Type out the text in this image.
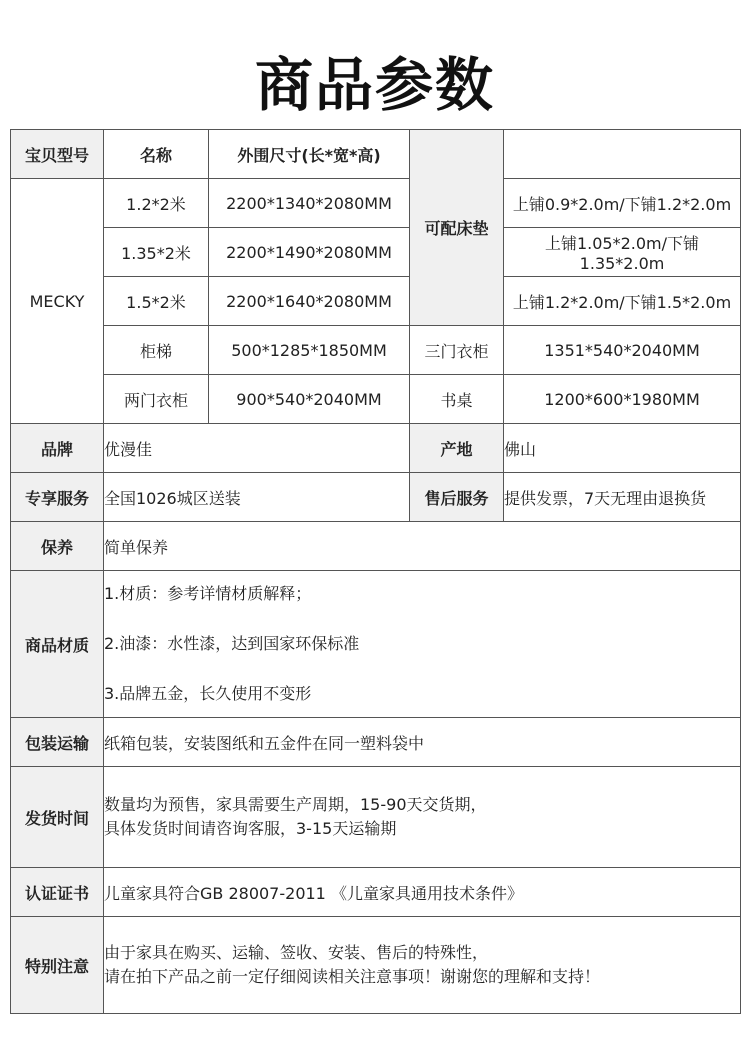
商品参数
宝贝型号	名称	外围尺寸(长*宽*高)	可配床垫	
MECKY	1.2*2米	2200*1340*2080MM		上铺0.9*2.0m/下铺1.2*2.0m
	1.35*2米	2200*1490*2080MM		上铺1.05*2.0m/下铺1.35*2.0m
	1.5*2米	2200*1640*2080MM		上铺1.2*2.0m/下铺1.5*2.0m
	柜梯	500*1285*1850MM	三门衣柜	1351*540*2040MM
	两门衣柜	900*540*2040MM	书桌	1200*600*1980MM
品牌	优漫佳		产地	佛山
专享服务	全国1026城区送装		售后服务	提供发票，7天无理由退换货
保养	简单保养			
商品材质	1.材质：参考详情材质解释；
2.油漆：水性漆，达到国家环保标准
3.品牌五金，长久使用不变形			

包装运输	纸箱包装，安装图纸和五金件在同一塑料袋中			
发货时间	数量均为预售，家具需要生产周期，15-90天交货期，
具体发货时间请咨询客服，3-15天运输期			

认证证书	儿童家具符合GB 28007-2011 《儿童家具通用技术条件》			
特别注意	由于家具在购买、运输、签收、安装、售后的特殊性，
请在拍下产品之前一定仔细阅读相关注意事项！谢谢您的理解和支持！			
